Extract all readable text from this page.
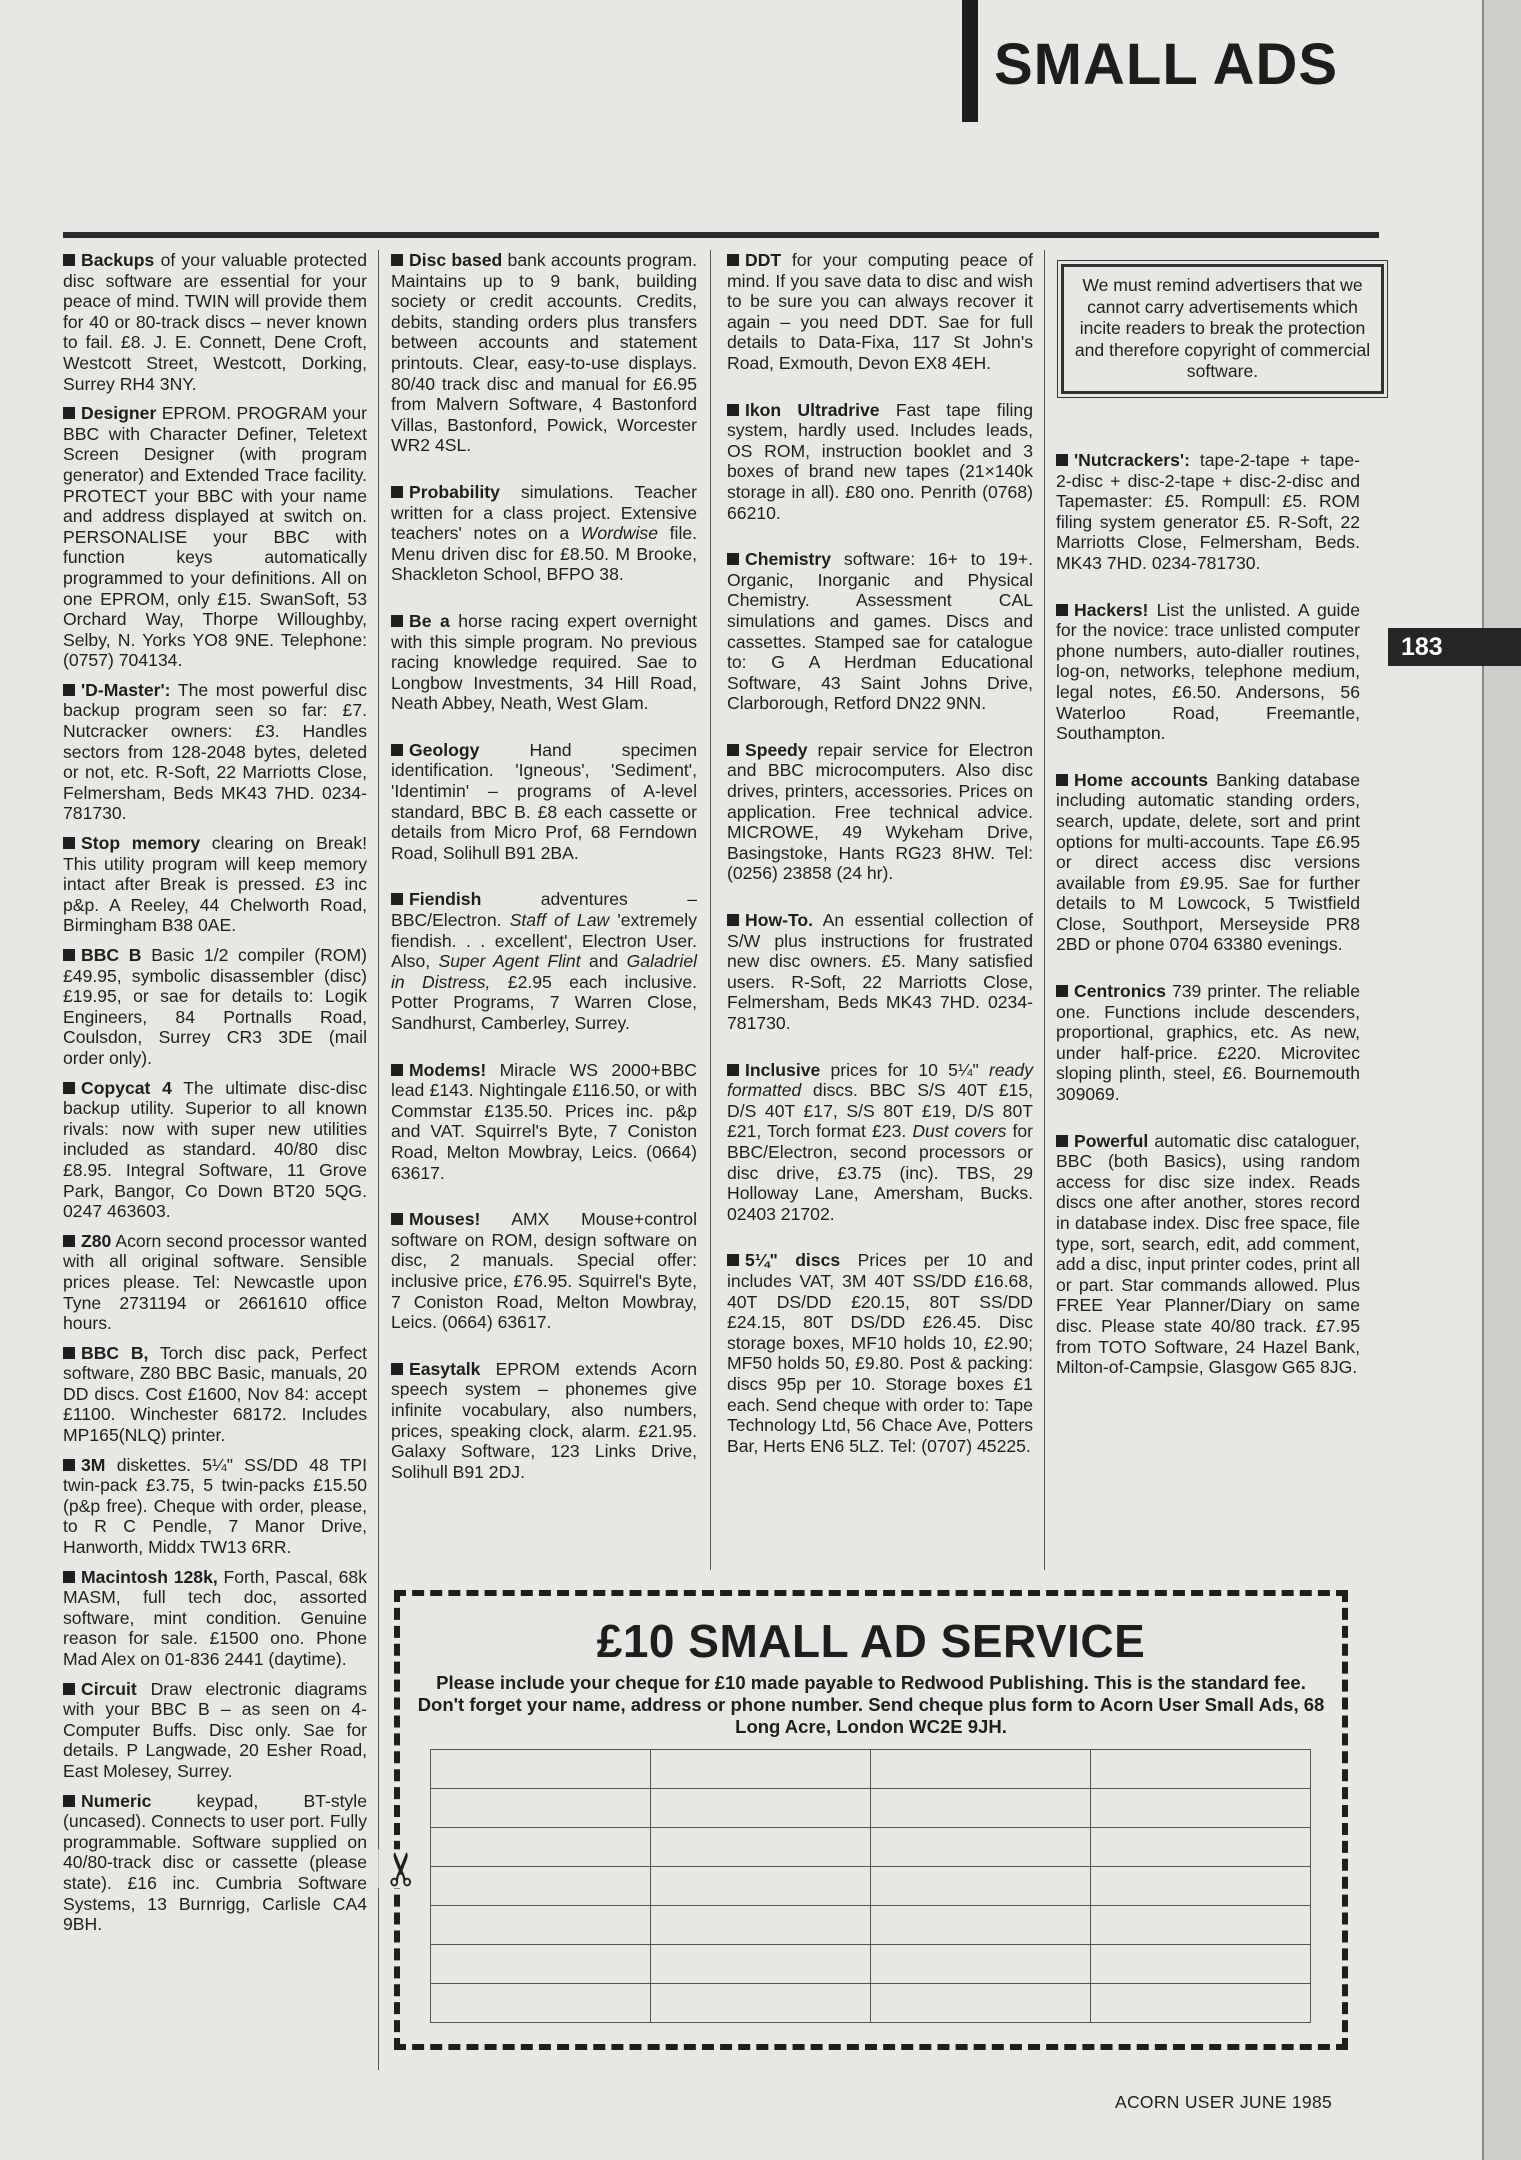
SMALL ADS

Backups of your valuable protected disc software are essential for your peace of mind. TWIN will provide them for 40 or 80-track discs – never known to fail. £8. J. E. Connett, Dene Croft, Westcott Street, Westcott, Dorking, Surrey RH4 3NY.

Designer EPROM. PROGRAM your BBC with Character Definer, Teletext Screen Designer (with program generator) and Extended Trace facility. PROTECT your BBC with your name and address displayed at switch on. PERSONALISE your BBC with function keys automatically programmed to your definitions. All on one EPROM, only £15. SwanSoft, 53 Orchard Way, Thorpe Willoughby, Selby, N. Yorks YO8 9NE. Telephone: (0757) 704134.

'D-Master': The most powerful disc backup program seen so far: £7. Nutcracker owners: £3. Handles sectors from 128-2048 bytes, deleted or not, etc. R-Soft, 22 Marriotts Close, Felmersham, Beds MK43 7HD. 0234-781730.

Stop memory clearing on Break! This utility program will keep memory intact after Break is pressed. £3 inc p&p. A Reeley, 44 Chelworth Road, Birmingham B38 0AE.

BBC B Basic 1/2 compiler (ROM) £49.95, symbolic disassembler (disc) £19.95, or sae for details to: Logik Engineers, 84 Portnalls Road, Coulsdon, Surrey CR3 3DE (mail order only).

Copycat 4 The ultimate disc-disc backup utility. Superior to all known rivals: now with super new utilities included as standard. 40/80 disc £8.95. Integral Software, 11 Grove Park, Bangor, Co Down BT20 5QG. 0247 463603.

Z80 Acorn second processor wanted with all original software. Sensible prices please. Tel: Newcastle upon Tyne 2731194 or 2661610 office hours.

BBC B, Torch disc pack, Perfect software, Z80 BBC Basic, manuals, 20 DD discs. Cost £1600, Nov 84: accept £1100. Winchester 68172. Includes MP165(NLQ) printer.

3M diskettes. 5¼" SS/DD 48 TPI twin-pack £3.75, 5 twin-packs £15.50 (p&p free). Cheque with order, please, to R C Pendle, 7 Manor Drive, Hanworth, Middx TW13 6RR.

Macintosh 128k, Forth, Pascal, 68k MASM, full tech doc, assorted software, mint condition. Genuine reason for sale. £1500 ono. Phone Mad Alex on 01-836 2441 (daytime).

Circuit Draw electronic diagrams with your BBC B – as seen on 4-Computer Buffs. Disc only. Sae for details. P Langwade, 20 Esher Road, East Molesey, Surrey.

Numeric	keypad, BT-style (uncased). Connects to user port. Fully programmable. Software supplied on 40/80-track disc or cassette (please state). £16 inc. Cumbria Software Systems, 13 Burnrigg, Carlisle CA4 9BH.

Disc based bank accounts program. Maintains up to 9 bank, building society or credit accounts. Credits, debits, standing orders plus transfers between accounts and statement printouts. Clear, easy-to-use displays. 80/40 track disc and manual for £6.95 from Malvern Software, 4 Bastonford Villas, Bastonford, Powick, Worcester WR2 4SL.

Probability simulations. Teacher written for a class project. Extensive teachers' notes on a Wordwise file. Menu driven disc for £8.50. M Brooke, Shackleton School, BFPO 38.

Be a horse racing expert overnight with this simple program. No previous racing knowledge required. Sae to Longbow Investments, 34 Hill Road, Neath Abbey, Neath, West Glam.

Geology	Hand specimen identification. 'Igneous', 'Sediment', 'Identimin' – programs of A-level standard, BBC B. £8 each cassette or details from Micro Prof, 68 Ferndown Road, Solihull B91 2BA.

Fiendish	adventures – BBC/Electron. Staff of Law 'extremely fiendish. . . excellent', Electron User. Also, Super Agent Flint and Galadriel in Distress, £2.95 each inclusive. Potter Programs, 7 Warren Close, Sandhurst, Camberley, Surrey.

Modems! Miracle WS 2000+BBC lead £143. Nightingale £116.50, or with Commstar £135.50. Prices inc. p&p and VAT. Squirrel's Byte, 7 Coniston Road, Melton Mowbray, Leics. (0664) 63617.

Mouses! AMX Mouse+control software on ROM, design software on disc, 2 manuals. Special offer: inclusive price, £76.95. Squirrel's Byte, 7 Coniston Road, Melton Mowbray, Leics. (0664) 63617.

Easytalk EPROM extends Acorn speech system – phonemes give infinite vocabulary, also numbers, prices, speaking clock, alarm. £21.95. Galaxy Software, 123 Links Drive, Solihull B91 2DJ.

DDT for your computing peace of mind. If you save data to disc and wish to be sure you can always recover it again – you need DDT. Sae for full details to Data-Fixa, 117 St John's Road, Exmouth, Devon EX8 4EH.

Ikon Ultradrive Fast tape filing system, hardly used. Includes leads, OS ROM, instruction booklet and 3 boxes of brand new tapes (21×140k storage in all). £80 ono. Penrith (0768) 66210.

Chemistry software: 16+ to 19+. Organic, Inorganic and Physical Chemistry. Assessment CAL simulations and games. Discs and cassettes. Stamped sae for catalogue to: G A Herdman Educational Software, 43 Saint Johns Drive, Clarborough, Retford DN22 9NN.

Speedy repair service for Electron and BBC microcomputers. Also disc drives, printers, accessories. Prices on application. Free technical advice. MICROWE, 49 Wykeham Drive, Basingstoke, Hants RG23 8HW. Tel: (0256) 23858 (24 hr).

How-To. An essential collection of S/W plus instructions for frustrated new disc owners. £5. Many satisfied users. R-Soft, 22 Marriotts Close, Felmersham, Beds MK43 7HD. 0234-781730.

Inclusive prices for 10 5¼" ready formatted discs. BBC S/S 40T £15, D/S 40T £17, S/S 80T £19, D/S 80T £21, Torch format £23. Dust covers for BBC/Electron, second processors or disc drive, £3.75 (inc). TBS, 29 Holloway Lane, Amersham, Bucks. 02403 21702.

5¼" discs Prices per 10 and includes VAT, 3M 40T SS/DD £16.68, 40T DS/DD £20.15, 80T SS/DD £24.15, 80T DS/DD £26.45. Disc storage boxes, MF10 holds 10, £2.90; MF50 holds 50, £9.80. Post & packing: discs 95p per 10. Storage boxes £1 each. Send cheque with order to: Tape Technology Ltd, 56 Chace Ave, Potters Bar, Herts EN6 5LZ. Tel: (0707) 45225.

We must remind advertisers that we cannot carry advertisements which incite readers to break the protection and therefore copyright of commercial software.

'Nutcrackers': tape-2-tape + tape-2-disc + disc-2-tape + disc-2-disc and Tapemaster: £5. Rompull: £5. ROM filing system generator £5. R-Soft, 22 Marriotts Close, Felmersham, Beds. MK43 7HD. 0234-781730.

Hackers! List the unlisted. A guide for the novice: trace unlisted computer phone numbers, auto-dialler routines, log-on, networks, telephone medium, legal notes, £6.50. Andersons, 56 Waterloo Road, Freemantle, Southampton.

Home accounts Banking database including automatic standing orders, search, update, delete, sort and print options for multi-accounts. Tape £6.95 or direct access disc versions available from £9.95. Sae for further details to M Lowcock, 5 Twistfield Close, Southport, Merseyside PR8 2BD or phone 0704 63380 evenings.

Centronics 739 printer. The reliable one. Functions include descenders, proportional, graphics, etc. As new, under half-price. £220. Microvitec sloping plinth, steel, £6. Bournemouth 309069.

Powerful automatic disc cataloguer, BBC (both Basics), using random access for disc size index. Reads discs one after another, stores record in database index. Disc free space, file type, sort, search, edit, add comment, add a disc, input printer codes, print all or part. Star commands allowed. Plus FREE Year Planner/Diary on same disc. Please state 40/80 track. £7.95 from TOTO Software, 24 Hazel Bank, Milton-of-Campsie, Glasgow G65 8JG.

183
£10 SMALL AD SERVICE
Please include your cheque for £10 made payable to Redwood Publishing. This is the standard fee. Don't forget your name, address or phone number. Send cheque plus form to Acorn User Small Ads, 68 Long Acre, London WC2E 9JH.

✂
ACORN USER JUNE 1985
